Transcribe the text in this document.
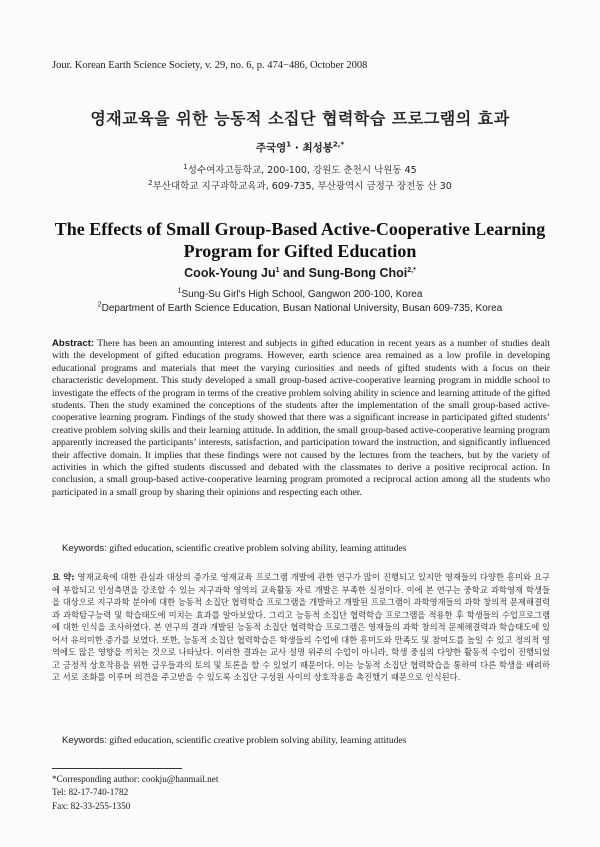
Jour. Korean Earth Science Society, v. 29, no. 6, p. 474−486, October 2008
영재교육을 위한 능동적 소집단 협력학습 프로그램의 효과
주국영$^1$ · 최성봉$^{2,*}$
$^1$성수여자고등학교, 200-100, 강원도 춘천시 낙원동 45
$^2$부산대학교 지구과학교육과, 609-735, 부산광역시 금정구 장전동 산 30
The Effects of Small Group-Based Active-Cooperative Learning
Program for Gifted Education
Cook-Young Ju$^1$ and Sung-Bong Choi$^{2,*}$
$^1$Sung-Su Girl's High School, Gangwon 200-100, Korea
$^2$Department of Earth Science Education, Busan National University, Busan 609-735, Korea
Abstract: There has been an amounting interest and subjects in gifted education in recent years as a number of studies dealt with the development of gifted education programs. However, earth science area remained as a low profile in developing educational programs and materials that meet the varying curiosities and needs of gifted students with a focus on their characteristic development. This study developed a small group-based active-cooperative learning program in middle school to investigate the effects of the program in terms of the creative problem solving ability in science and learning attitude of the gifted students. Then the study examined the conceptions of the students after the implementation of the small group-based active-cooperative learning program. Findings of the study showed that there was a significant increase in participated gifted students’ creative problem solving skills and their learning attitude. In addition, the small group-based active-cooperative learning program apparently increased the participants’ interests, satisfaction, and participation toward the instruction, and significantly influenced their affective domain. It implies that these findings were not caused by the lectures from the teachers, but by the variety of activities in which the gifted students discussed and debated with the classmates to derive a positive reciprocal action. In conclusion, a small group-based active-cooperative learning program promoted a reciprocal action among all the students who participated in a small group by sharing their opinions and respecting each other.
Keywords: gifted education, scientific creative problem solving ability, learning attitudes
요 약: 영재교육에 대한 관심과 대상의 증가로 영재교육 프로그램 개발에 관한 연구가 많이 진행되고 있지만 영재들의 다양한 흥미와 요구에 부합되고 인성측면을 강조할 수 있는 지구과학 영역의 교육활동 자료 개발은 부족한 실정이다. 이에 본 연구는 중학교 과학영재 학생들을 대상으로 지구과학 분야에 대한 능동적 소집단 협력학습 프로그램을 개발하고 개발된 프로그램이 과학영재들의 과학 창의적 문제해결력과 과학탐구능력 및 학습태도에 미치는 효과를 알아보았다. 그리고 능동적 소집단 협력학습 프로그램을 적용한 후 학생들의 수업프로그램에 대한 인식을 조사하였다. 본 연구의 결과 개발된 능동적 소집단 협력학습 프로그램은 영재들의 과학 창의적 문제해결력과 학습태도에 있어서 유의미한 증가를 보였다. 또한, 능동적 소집단 협력학습은 학생들의 수업에 대한 흥미도와 만족도 및 참여도를 높일 수 있고 정의적 영역에도 많은 영향을 끼치는 것으로 나타났다. 이러한 결과는 교사 설명 위주의 수업이 아니라, 학생 중심의 다양한 활동적 수업이 진행되었고 긍정적 상호작용을 위한 급우들과의 토의 및 토론을 할 수 있었기 때문이다. 이는 능동적 소집단 협력학습을 통하여 다른 학생을 배려하고 서로 조화를 이루며 의견을 주고받을 수 있도록 소집단 구성원 사이의 상호작용을 촉진했기 때문으로 인식된다.
Keywords: gifted education, scientific creative problem solving ability, learning attitudes
*Corresponding author: cookju@hanmail.net
Tel: 82-17-740-1782
Fax: 82-33-255-1350
